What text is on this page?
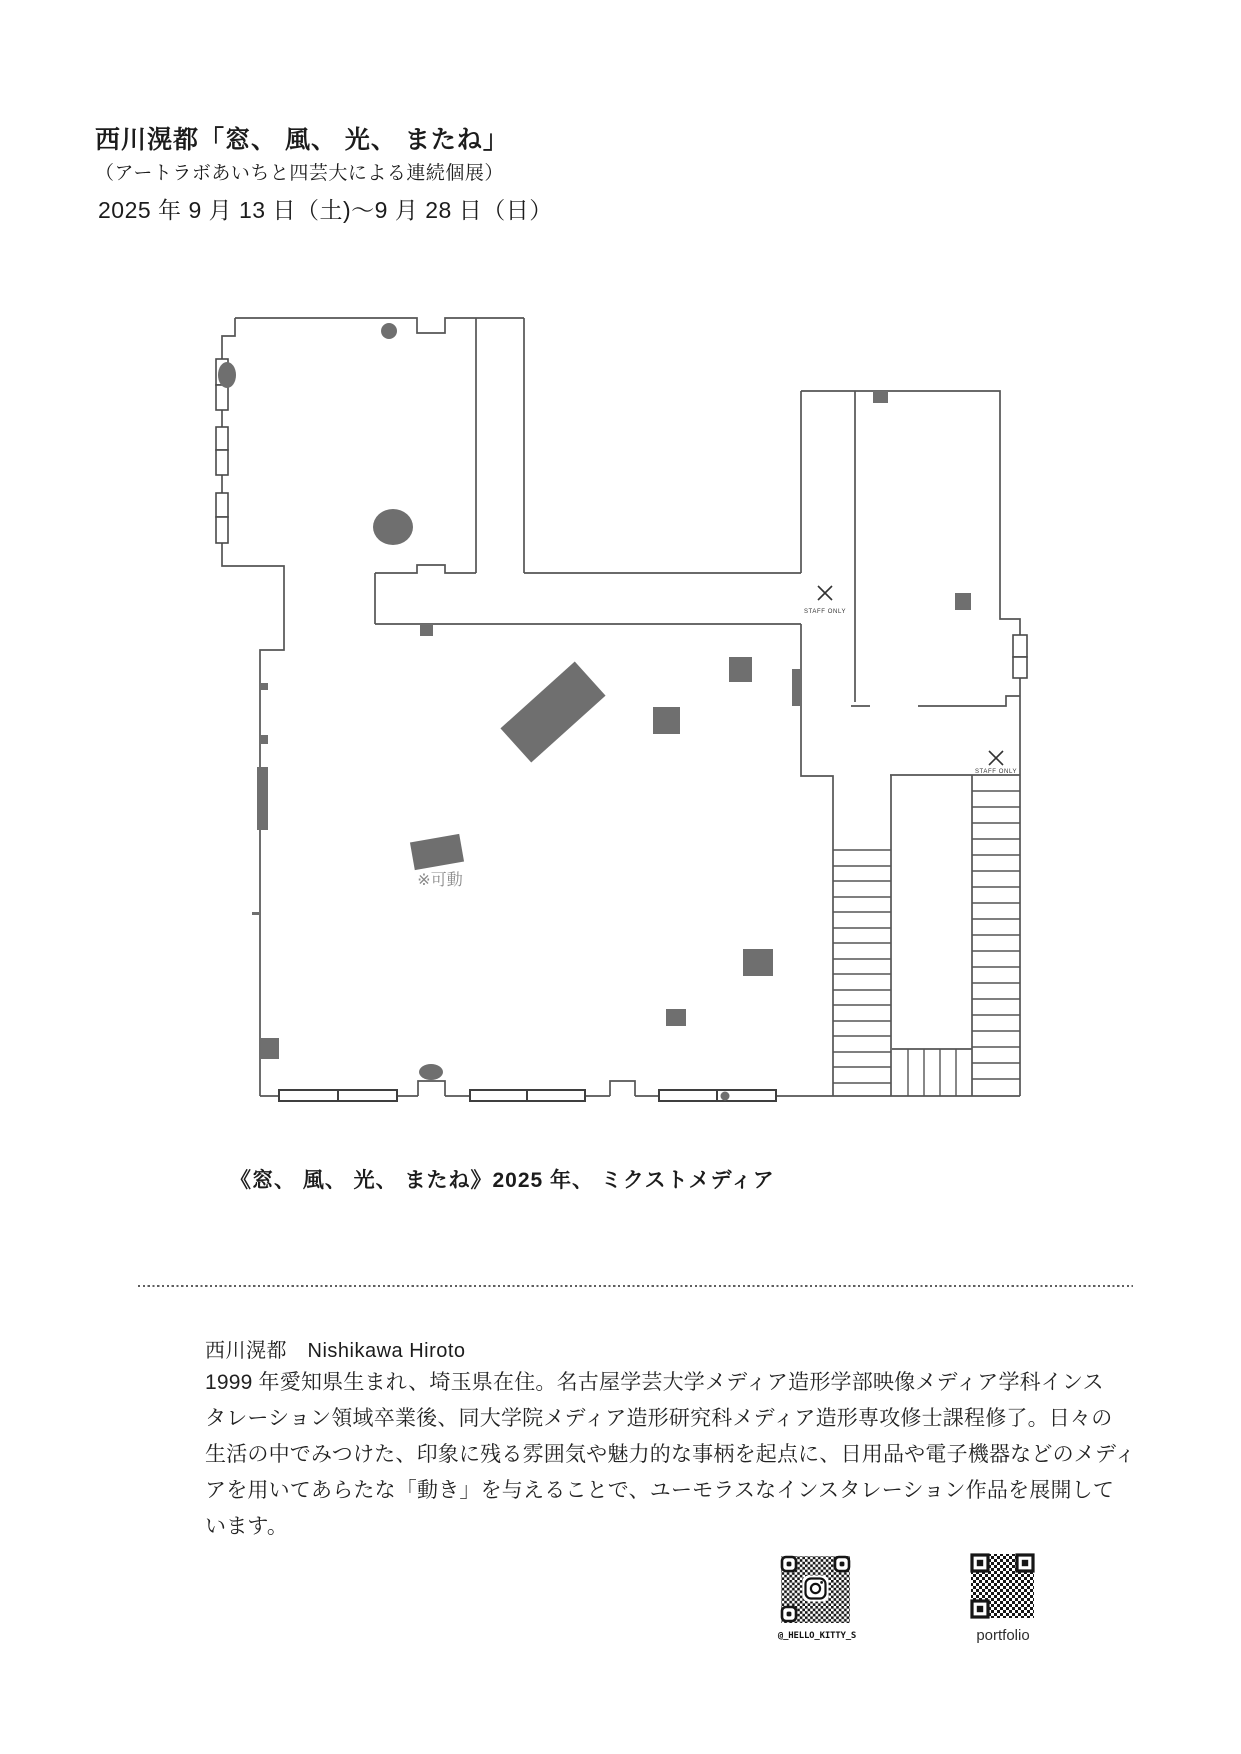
西川滉都「窓、 風、 光、 またね」
（アートラボあいちと四芸大による連続個展）
2025 年 9 月 13 日（土)～9 月 28 日（日）
STAFF ONLY
STAFF ONLY
※可動
《窓、 風、 光、 またね》2025 年、 ミクストメディア
西川滉都　Nishikawa Hiroto
1999 年愛知県生まれ、埼玉県在住。名古屋学芸大学メディア造形学部映像メディア学科インス
タレーション領域卒業後、同大学院メディア造形研究科メディア造形専攻修士課程修了。日々の
生活の中でみつけた、印象に残る雰囲気や魅力的な事柄を起点に、日用品や電子機器などのメディ
アを用いてあらたな「動き」を与えることで、ユーモラスなインスタレーション作品を展開して
います。
@_HELLO_KITTY_S	portfolio
